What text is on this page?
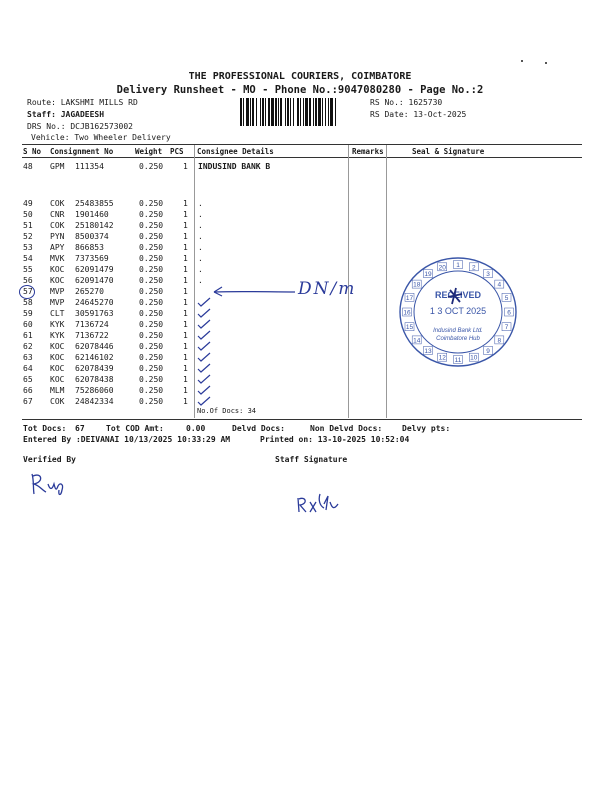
THE PROFESSIONAL COURIERS, COIMBATORE
Delivery Runsheet - MO - Phone No.:9047080280 - Page No.:2
Route: LAKSHMI MILLS RD
Staff: JAGADEESH
DRS No.: DCJB162573002
Vehicle: Two Wheeler Delivery
RS No.: 1625730
RS Date: 13-Oct-2025
S No Consignment No	Weight PCS Consignee Details	Remarks	Seal & Signature
48 GPM 111354	0.250 1 INDUSIND BANK B
49 COK 25483855	0.250 1 .
50 CNR 1901460	0.250 1 .
51 COK 25180142	0.250 1 .
52 PYN 8500374	0.250 1 .
53 APY 866853	0.250 1 .
54 MVK 7373569	0.250 1 .
55 KOC 62091479	0.250 1 .
56 KOC 62091470	0.250 1 .
57 MVP 265270	0.250 1
58 MVP 24645270	0.250 1
59 CLT 30591763	0.250 1
60 KYK 7136724	0.250 1
61 KYK 7136722	0.250 1
62 KOC 62078446	0.250 1
63 KOC 62146102	0.250 1
64 KOC 62078439	0.250 1
65 KOC 62078438	0.250 1
66 MLM 75286060	0.250 1
67 COK 24842334	0.250 1
DN/m
No.Of Docs: 34
1 2
3
4
5
6
7
8
9
10
11
12
13
14
15
16
17
18
19
20
RECEIVED
1 3 OCT 2025
Indusind Bank Ltd.
Coimbatore Hub
Tot Docs: 67	Tot COD Amt:	0.00	Delvd Docs:	Non Delvd Docs: Delvy pts:
Entered By :DEIVANAI 10/13/2025 10:33:29 AM	Printed on: 13-10-2025 10:52:04
Verified By	Staff Signature
